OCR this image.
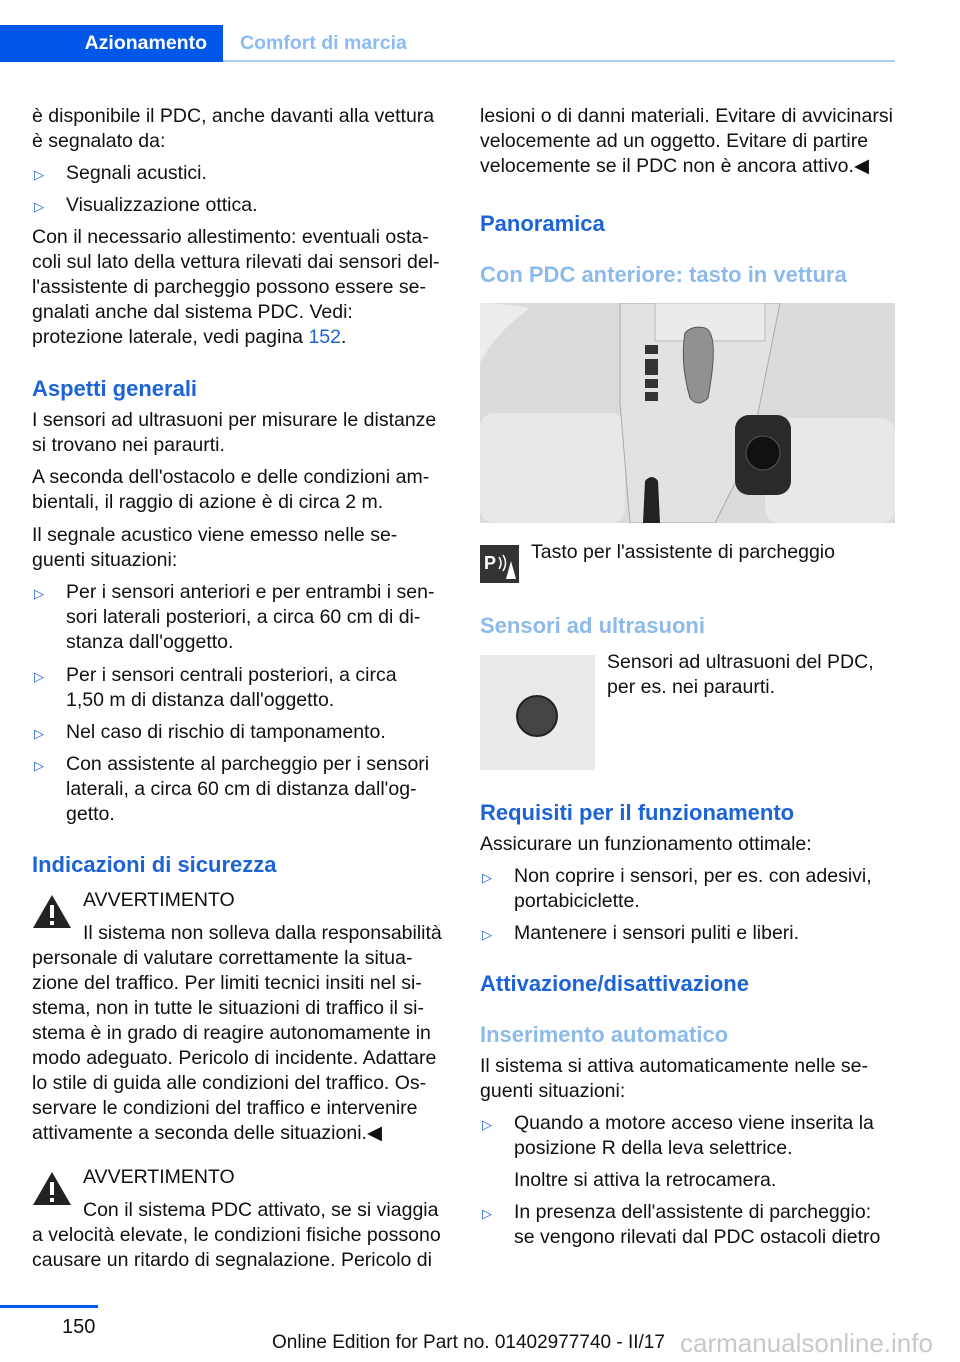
Azionamento	Comfort di marcia
è disponibile il PDC, anche davanti alla vettura
è segnalato da:
▷ Segnali acustici.
▷ Visualizzazione ottica.
Con il necessario allestimento: eventuali osta-
coli sul lato della vettura rilevati dai sensori del-
l'assistente di parcheggio possono essere se-
gnalati anche dal sistema PDC. Vedi:
protezione laterale, vedi pagina 152.
Aspetti generali
I sensori ad ultrasuoni per misurare le distanze
si trovano nei paraurti.
A seconda dell'ostacolo e delle condizioni am-
bientali, il raggio di azione è di circa 2 m.
Il segnale acustico viene emesso nelle se-
guenti situazioni:
▷ Per i sensori anteriori e per entrambi i sen-
sori laterali posteriori, a circa 60 cm di di-
stanza dall'oggetto.
▷ Per i sensori centrali posteriori, a circa
1,50 m di distanza dall'oggetto.
▷ Nel caso di rischio di tamponamento.
▷ Con assistente al parcheggio per i sensori
laterali, a circa 60 cm di distanza dall'og-
getto.
Indicazioni di sicurezza
AVVERTIMENTO
Il sistema non solleva dalla responsabilità
personale di valutare correttamente la situa-
zione del traffico. Per limiti tecnici insiti nel si-
stema, non in tutte le situazioni di traffico il si-
stema è in grado di reagire autonomamente in
modo adeguato. Pericolo di incidente. Adattare
lo stile di guida alle condizioni del traffico. Os-
servare le condizioni del traffico e intervenire
attivamente a seconda delle situazioni.◀
AVVERTIMENTO
Con il sistema PDC attivato, se si viaggia
a velocità elevate, le condizioni fisiche possono
causare un ritardo di segnalazione. Pericolo di
lesioni o di danni materiali. Evitare di avvicinarsi
velocemente ad un oggetto. Evitare di partire
velocemente se il PDC non è ancora attivo.◀
Panoramica
Con PDC anteriore: tasto in vettura
P Tasto per l'assistente di parcheggio
Sensori ad ultrasuoni
Sensori ad ultrasuoni del PDC,
per es. nei paraurti.
Requisiti per il funzionamento
Assicurare un funzionamento ottimale:
▷ Non coprire i sensori, per es. con adesivi,
portabiciclette.
▷ Mantenere i sensori puliti e liberi.
Attivazione/disattivazione
Inserimento automatico
Il sistema si attiva automaticamente nelle se-
guenti situazioni:
▷ Quando a motore acceso viene inserita la
posizione R della leva selettrice.
Inoltre si attiva la retrocamera.
▷ In presenza dell'assistente di parcheggio:
se vengono rilevati dal PDC ostacoli dietro
150
Online Edition for Part no. 01402977740 - II/17 carmanualsonline.info
